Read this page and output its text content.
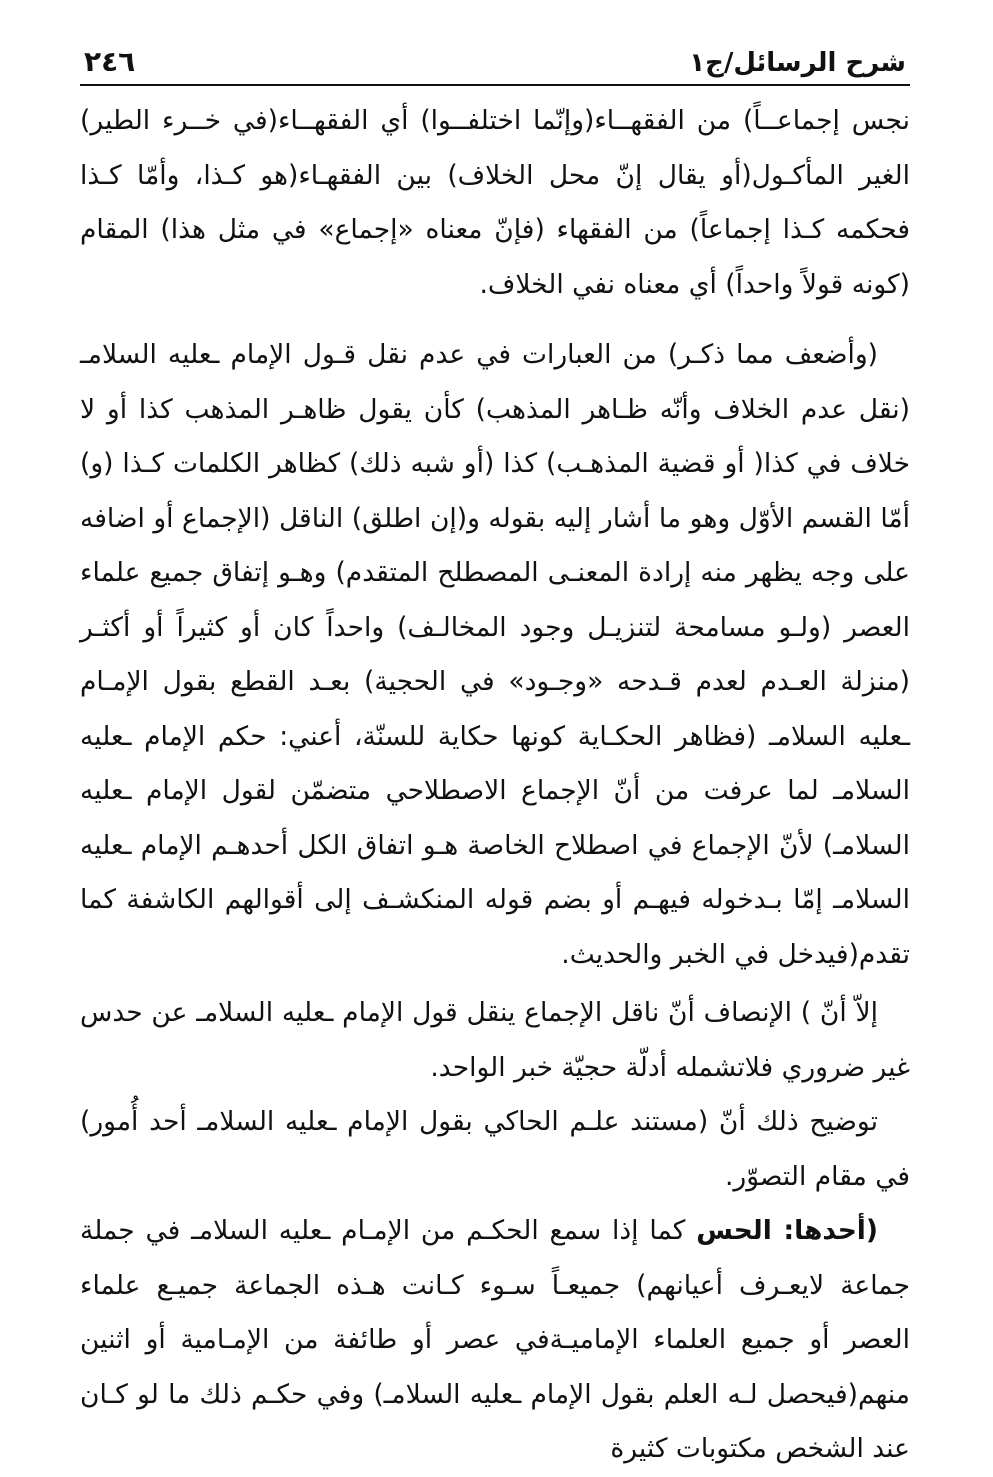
شرح الرسائل/ج١
٢٤٦

نجس إجماعــاً) من الفقهــاء(وإنّما اختلفــوا) أي الفقهــاء(في خــرء الطير) الغير المأكـول(أو يقال إنّ محل الخلاف) بين الفقهـاء(هو كـذا، وأمّا كـذا فحكمه كـذا إجماعاً) من الفقهاء (فإنّ معناه «إجماع» في مثل هذا) المقام (كونه قولاً واحداً) أي معناه نفي الخلاف.

(وأضعف مما ذكـر) من العبارات في عدم نقل قـول الإمام ـعليه السلامـ (نقل عدم الخلاف وأنّه ظـاهر المذهب) كأن يقول ظاهـر المذهب كذا أو لا خلاف في كذا( أو قضية المذهـب) كذا (أو شبه ذلك) كظاهر الكلمات كـذا (و) أمّا القسم الأوّل وهو ما أشار إليه بقوله و(إن اطلق) الناقل (الإجماع أو اضافه على وجه يظهر منه إرادة المعنـى المصطلح المتقدم) وهـو إتفاق جميع علماء العصر (ولـو مسامحة لتنزيـل وجود المخالـف) واحداً كان أو كثيراً أو أكثـر (منزلة العـدم لعدم قـدحه «وجـود» في الحجية) بعـد القطع بقول الإمـام ـعليه السلامـ (فظاهر الحكـاية كونها حكاية للسنّة، أعني: حكم الإمام ـعليه السلامـ لما عرفت من أنّ الإجماع الاصطلاحي متضمّن لقول الإمام ـعليه السلامـ) لأنّ الإجماع في اصطلاح الخاصة هـو اتفاق الكل أحدهـم الإمام ـعليه السلامـ إمّا بـدخوله فيهـم أو بضم قوله المنكشـف إلى أقوالهم الكاشفة كما تقدم(فيدخل في الخبر والحديث.

إلاّ أنّ ) الإنصاف أنّ ناقل الإجماع ينقل قول الإمام ـعليه السلامـ عن حدس غير ضروري فلاتشمله أدلّة حجيّة خبر الواحد.

توضيح ذلك أنّ (مستند علـم الحاكي بقول الإمام ـعليه السلامـ أحد أُمور) في مقام التصوّر.

(أحدها: الحس كما إذا سمع الحكـم من الإمـام ـعليه السلامـ في جملة جماعة لايعـرف أعيانهم) جميعـاً سـوء كـانت هـذه الجماعة جميـع علماء العصر أو جميع العلماء الإماميـةفي عصر أو طائفة من الإمـامية أو اثنين منهم(فيحصل لـه العلم بقول الإمام ـعليه السلامـ) وفي حكـم ذلك ما لو كـان عند الشخص مكتوبات كثيرة
